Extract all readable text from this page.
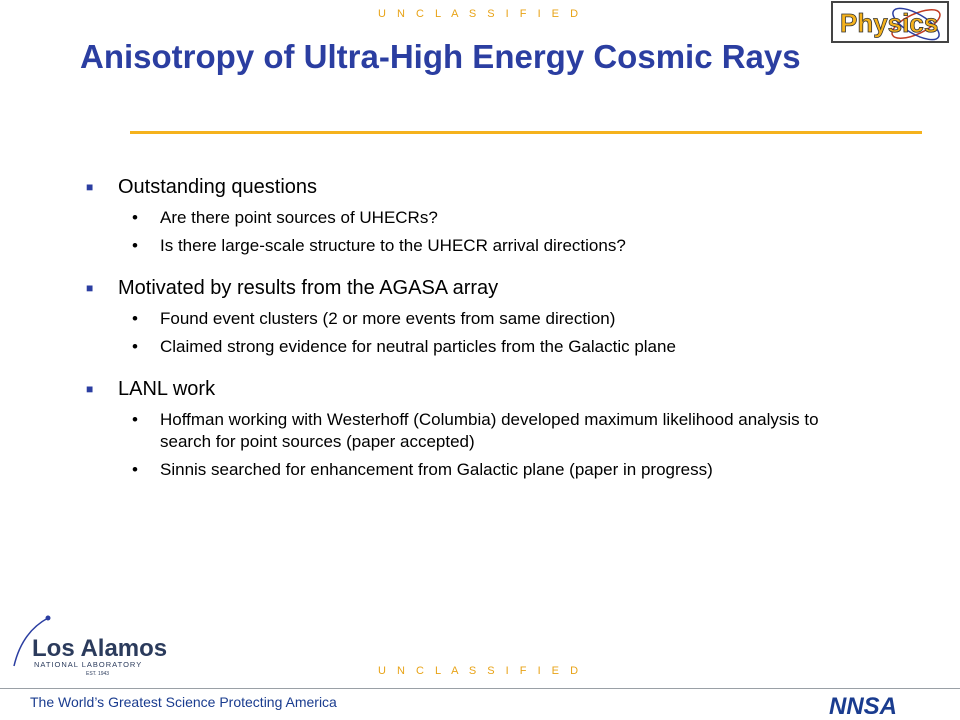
U N C L A S S I F I E D	Physics
Anisotropy of Ultra-High Energy Cosmic Rays
■	Outstanding questions
•	Are there point sources of UHECRs?
•	Is there large-scale structure to the UHECR arrival directions?
■	Motivated by results from the AGASA array
•	Found event clusters (2 or more events from same direction)
•	Claimed strong evidence for neutral particles from the Galactic plane
■	LANL work
•	Hoffman working with Westerhoff (Columbia) developed maximum likelihood analysis to search for point sources (paper accepted)
•	Sinnis searched for enhancement from Galactic plane (paper in progress)
Los Alamos
NATIONAL LABORATORY
EST. 1943	U N C L A S S I F I E D
The World’s Greatest Science Protecting America	NNSA
